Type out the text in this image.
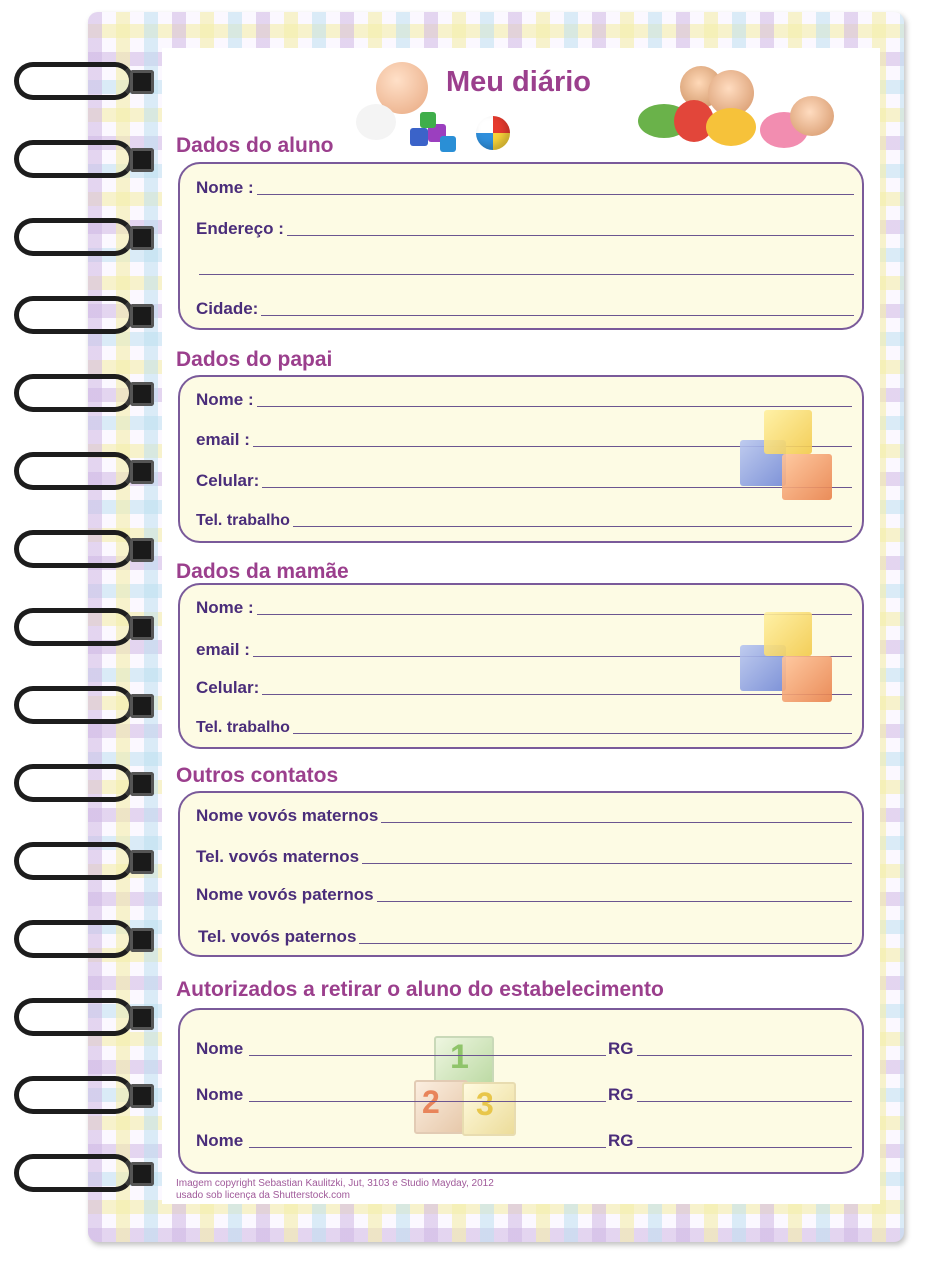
Meu diário
Dados do aluno
Nome :
Endereço :
Cidade:
Dados do papai
Nome :
email :
Celular:
Tel. trabalho
Dados da mamãe
Nome :
email :
Celular:
Tel. trabalho
Outros contatos
Nome vovós maternos
Tel. vovós maternos
Nome vovós paternos
Tel. vovós paternos
Autorizados a retirar o aluno do estabelecimento
1
2 3
Nome	RG
Nome	RG
Nome	RG
Imagem copyright Sebastian Kaulitzki, Jut, 3103 e Studio Mayday, 2012
usado sob licença da Shutterstock.com
